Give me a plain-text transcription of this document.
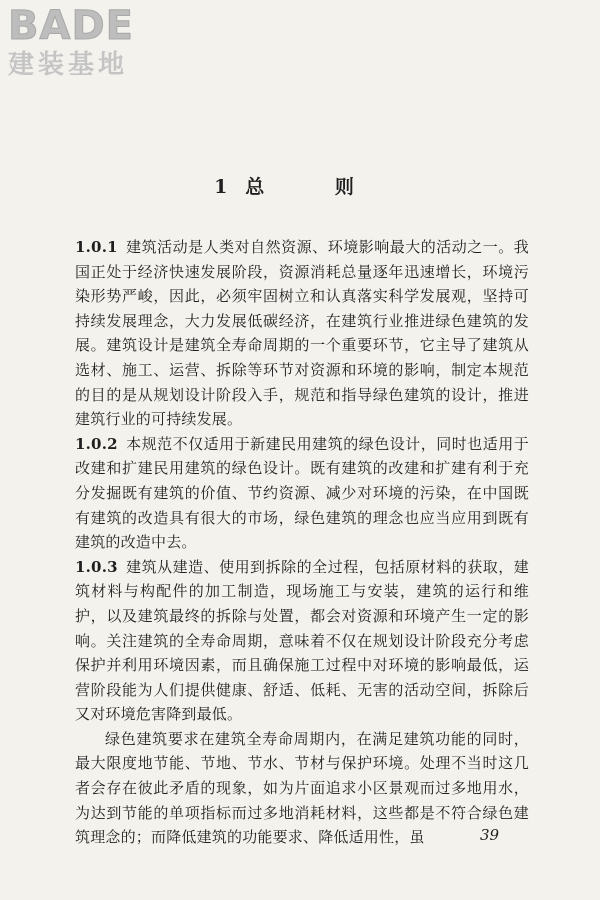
BADE
建装基地
1 总 则

1.0.1 建筑活动是人类对自然资源、环境影响最大的活动之一。我国正处于经济快速发展阶段，资源消耗总量逐年迅速增长，环境污染形势严峻，因此，必须牢固树立和认真落实科学发展观，坚持可持续发展理念，大力发展低碳经济，在建筑行业推进绿色建筑的发展。建筑设计是建筑全寿命周期的一个重要环节，它主导了建筑从选材、施工、运营、拆除等环节对资源和环境的影响，制定本规范的目的是从规划设计阶段入手，规范和指导绿色建筑的设计，推进建筑行业的可持续发展。

1.0.2 本规范不仅适用于新建民用建筑的绿色设计，同时也适用于改建和扩建民用建筑的绿色设计。既有建筑的改建和扩建有利于充分发掘既有建筑的价值、节约资源、减少对环境的污染，在中国既有建筑的改造具有很大的市场，绿色建筑的理念也应当应用到既有建筑的改造中去。

1.0.3 建筑从建造、使用到拆除的全过程，包括原材料的获取，建筑材料与构配件的加工制造，现场施工与安装，建筑的运行和维护，以及建筑最终的拆除与处置，都会对资源和环境产生一定的影响。关注建筑的全寿命周期，意味着不仅在规划设计阶段充分考虑保护并利用环境因素，而且确保施工过程中对环境的影响最低，运营阶段能为人们提供健康、舒适、低耗、无害的活动空间，拆除后又对环境危害降到最低。

绿色建筑要求在建筑全寿命周期内，在满足建筑功能的同时，最大限度地节能、节地、节水、节材与保护环境。处理不当时这几者会存在彼此矛盾的现象，如为片面追求小区景观而过多地用水，为达到节能的单项指标而过多地消耗材料，这些都是不符合绿色建筑理念的；而降低建筑的功能要求、降低适用性，虽	39
